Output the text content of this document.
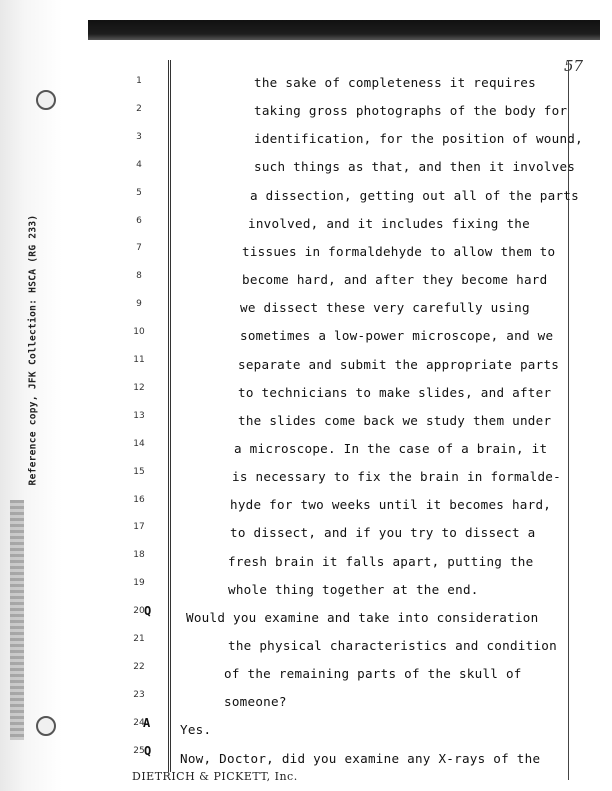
Reference copy, JFK Collection: HSCA (RG 233)
57
1	the sake of completeness it requires
2	taking gross photographs of the body for
3	identification, for the position of wound,
4	such things as that, and then it involves
5	a dissection, getting out all of the parts
6	involved, and it includes fixing the
7	tissues in formaldehyde to allow them to
8	become hard, and after they become hard
9	we dissect these very carefully using
10	sometimes a low-power microscope, and we
11	separate and submit the appropriate parts
12	to technicians to make slides, and after
13	the slides come back we study them under
14	a microscope. In the case of a brain, it
15	is necessary to fix the brain in formalde-
16	hyde for two weeks until it becomes hard,
17	to dissect, and if you try to dissect a
18	fresh brain it falls apart, putting the
19	whole thing together at the end.
20 Q	Would you examine and take into consideration
21	the physical characteristics and condition
22	of the remaining parts of the skull of
23	someone?
24
A Yes.
25 Q Now, Doctor, did you examine any X-rays of the
DIETRICH & PICKETT, Inc.
